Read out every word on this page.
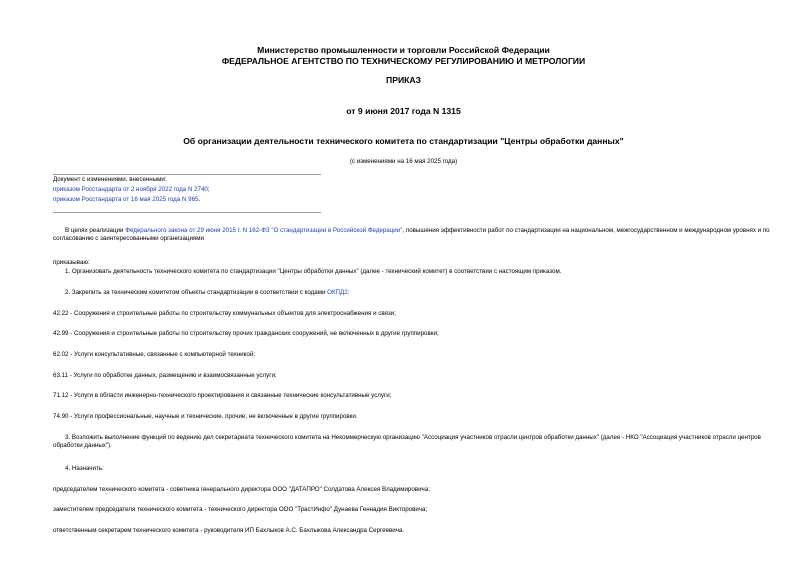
Министерство промышленности и торговли Российской Федерации
ФЕДЕРАЛЬНОЕ АГЕНТСТВО ПО ТЕХНИЧЕСКОМУ РЕГУЛИРОВАНИЮ И МЕТРОЛОГИИ
ПРИКАЗ
от 9 июня 2017 года N 1315
Об организации деятельности технического комитета по стандартизации "Центры обработки данных"
(с изменениями на 16 мая 2025 года)
Документ с изменениями, внесенными:
приказом Росстандарта от 2 ноября 2022 года N 2740;
приказом Росстандарта от 16 мая 2025 года N 965.
В целях реализации Федерального закона от 29 июня 2015 г. N 162-ФЗ "О стандартизации в Российской Федерации", повышения эффективности работ по стандартизации на национальном, межгосударственном и международном уровнях и по согласованию с заинтересованными организациями
приказываю:
1. Организовать деятельность технического комитета по стандартизации "Центры обработки данных" (далее - технический комитет) в соответствии с настоящим приказом.
2. Закрепить за техническим комитетом объекты стандартизации в соответствии с кодами ОКПД2:
42.22 - Сооружения и строительные работы по строительству коммунальных объектов для электроснабжения и связи;
42.99 - Сооружения и строительные работы по строительству прочих гражданских сооружений, не включенных в другие группировки;
62.02 - Услуги консультативные, связанные с компьютерной техникой;
63.11 - Услуги по обработке данных, размещению и взаимосвязанные услуги;
71.12 - Услуги в области инженерно-технического проектирования и связанные технические консультативные услуги;
74.90 - Услуги профессиональные, научные и технические, прочие, не включенные в другие группировки.
3. Возложить выполнение функций по ведению дел секретариата технического комитета на Некоммерческую организацию "Ассоциация участников отрасли центров обработки данных" (далее - НКО "Ассоциация участников отрасли центров обработки данных").
4. Назначить:
председателем технического комитета - советника генерального директора ООО "ДАТАПРО" Солдатова Алексея Владимировича;
заместителем председателя технического комитета - технического директора ООО "ТрастИнфо" Дунаева Геннадия Викторовича;
ответственным секретарем технического комитета - руководителя ИП Бахлыков А.С. Бахлыкова Александра Сергеевича.
